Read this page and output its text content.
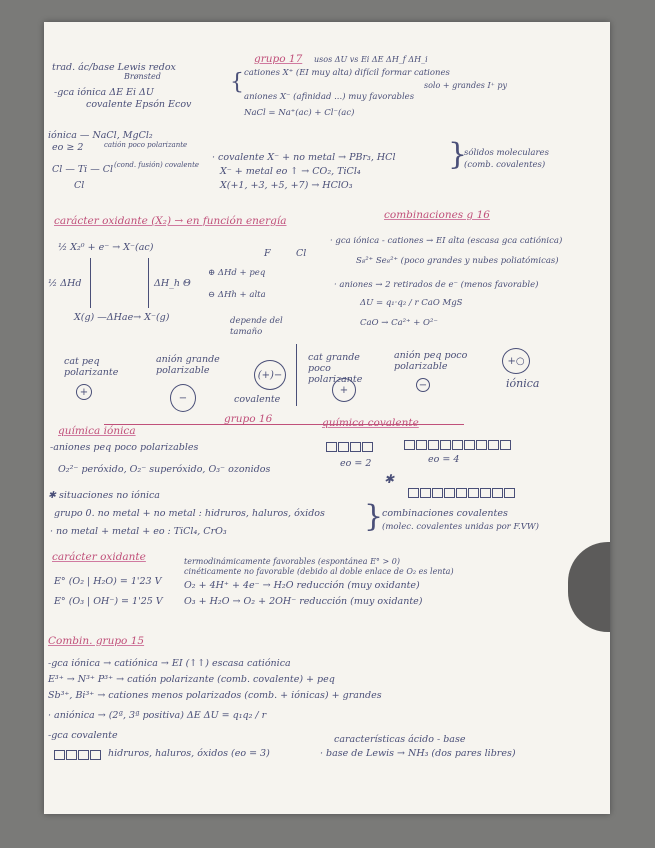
trad. ác/base Lewis redox
Brønsted
-gca iónica ΔE Ei ΔU
covalente Epsón Ecov
grupo 17 usos ΔU vs Ei ΔE ΔH_f ΔH_i
{ cationes X⁺ (EI muy alta) difícil formar cationes
solo + grandes I⁺ py
aniones X⁻ (afinidad ...) muy favorables
NaCl = Na⁺(ac) + Cl⁻(ac)
iónica — NaCl, MgCl₂
eo ≥ 2	catión poco polarizante
Cl — Ti — Cl (cond. fusión) covalente
Cl
· covalente X⁻ + no metal → PBr₃, HCl
X⁻ + metal eo ↑ → CO₂, TiCl₄
X(+1, +3, +5, +7) → HClO₃
}
sólidos moleculares
(comb. covalentes)
carácter oxidante (X₂) → en función energía	combinaciones g 16
½ X₂⁰ + e⁻ → X⁻(ac)
F	Cl
⊕ ΔHd + peq
⊖ ΔHh + alta
depende del tamaño
½ ΔHd	ΔH_h Θ
X(g) —ΔHae→ X⁻(g)
· gca iónica - cationes → EI alta (escasa gca catiónica)
S₈²⁺ Se₈²⁺ (poco grandes y nubes poliatómicas)
· aniones → 2 retirados de e⁻ (menos favorable)
ΔU = q₁·q₂ / r CaO MgS
CaO → Ca²⁺ + O²⁻
cat peq polarizante
+
anión grande polarizable
−
(+)−
covalente
cat grande poco polarizante
+
anión peq poco polarizable
−
+○
iónica
grupo 16
química iónica
química covalente
-aniones peq poco polarizables
O₂²⁻ peróxido, O₂⁻ superóxido, O₃⁻ ozonidos
eo = 2	eo = 4
✱
✱ situaciones no iónica
grupo 0. no metal + no metal : hidruros, haluros, óxidos
· no metal + metal + eo : TiCl₄, CrO₃	}
combinaciones covalentes
(molec. covalentes unidas por F.VW)
carácter oxidante
E° (O₂ | H₂O) = 1'23 V
E° (O₃ | OH⁻) = 1'25 V
termodinámicamente favorables (espontánea E° > 0)
cinéticamente no favorable (debido al doble enlace de O₂ es lenta)
O₂ + 4H⁺ + 4e⁻ → H₂O reducción (muy oxidante)
O₃ + H₂O → O₂ + 2OH⁻ reducción (muy oxidante)
Combin. grupo 15
-gca iónica → catiónica → EI (↑↑) escasa catiónica
E³⁺ → N³⁺ P³⁺ → catión polarizante (comb. covalente) + peq
Sb³⁺, Bi³⁺ → cationes menos polarizados (comb. + iónicas) + grandes
· aniónica → (2ª, 3ª positiva) ΔE ΔU = q₁q₂ / r
-gca covalente	características ácido - base
hidruros, haluros, óxidos (eo = 3)	· base de Lewis → NH₃ (dos pares libres)
